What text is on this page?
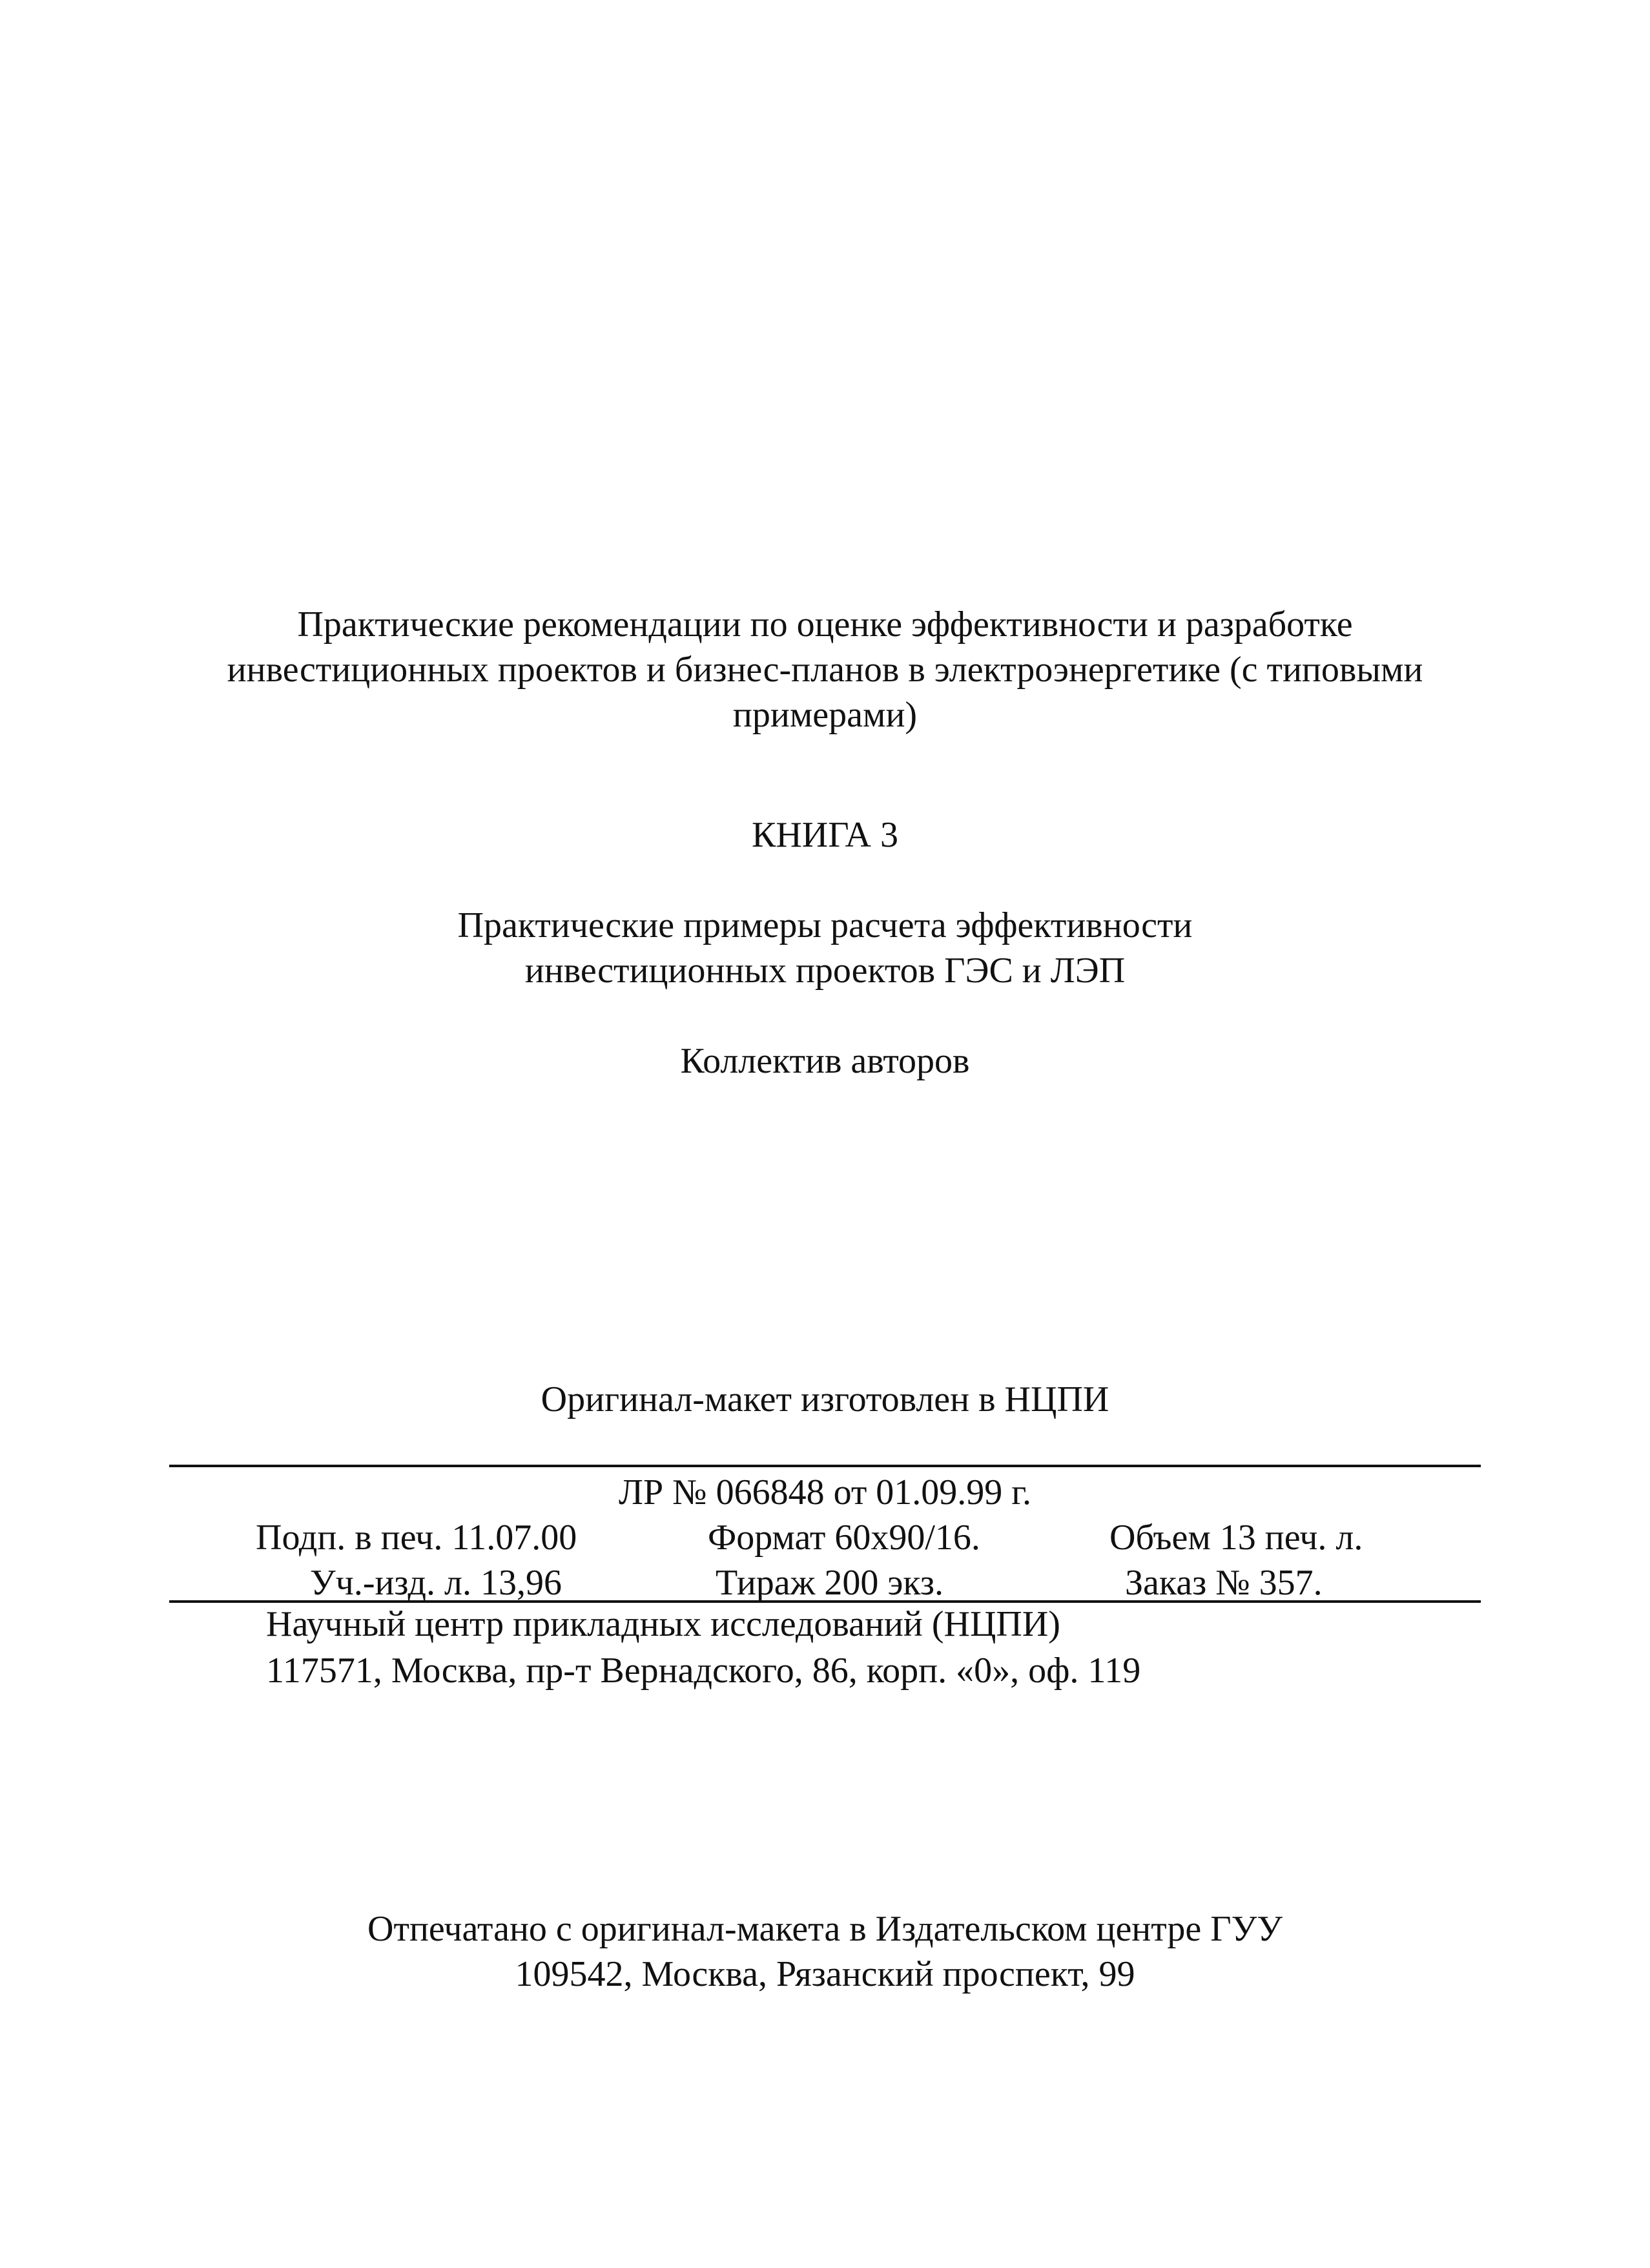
Практические рекомендации по оценке эффективности и разработке
инвестиционных проектов и бизнес-планов в электроэнергетике (с типовыми
примерами)
КНИГА 3
Практические примеры расчета эффективности
инвестиционных проектов ГЭС и ЛЭП
Коллектив авторов
Оригинал-макет изготовлен в НЦПИ
ЛР № 066848 от 01.09.99 г.
Подп. в печ. 11.07.00	Формат 60х90/16.	Объем 13 печ. л.
Уч.-изд. л. 13,96	Тираж 200 экз.	Заказ № 357.
Научный центр прикладных исследований (НЦПИ)
117571, Москва, пр-т Вернадского, 86, корп. «0», оф. 119
Отпечатано с оригинал-макета в Издательском центре ГУУ
109542, Москва, Рязанский проспект, 99
